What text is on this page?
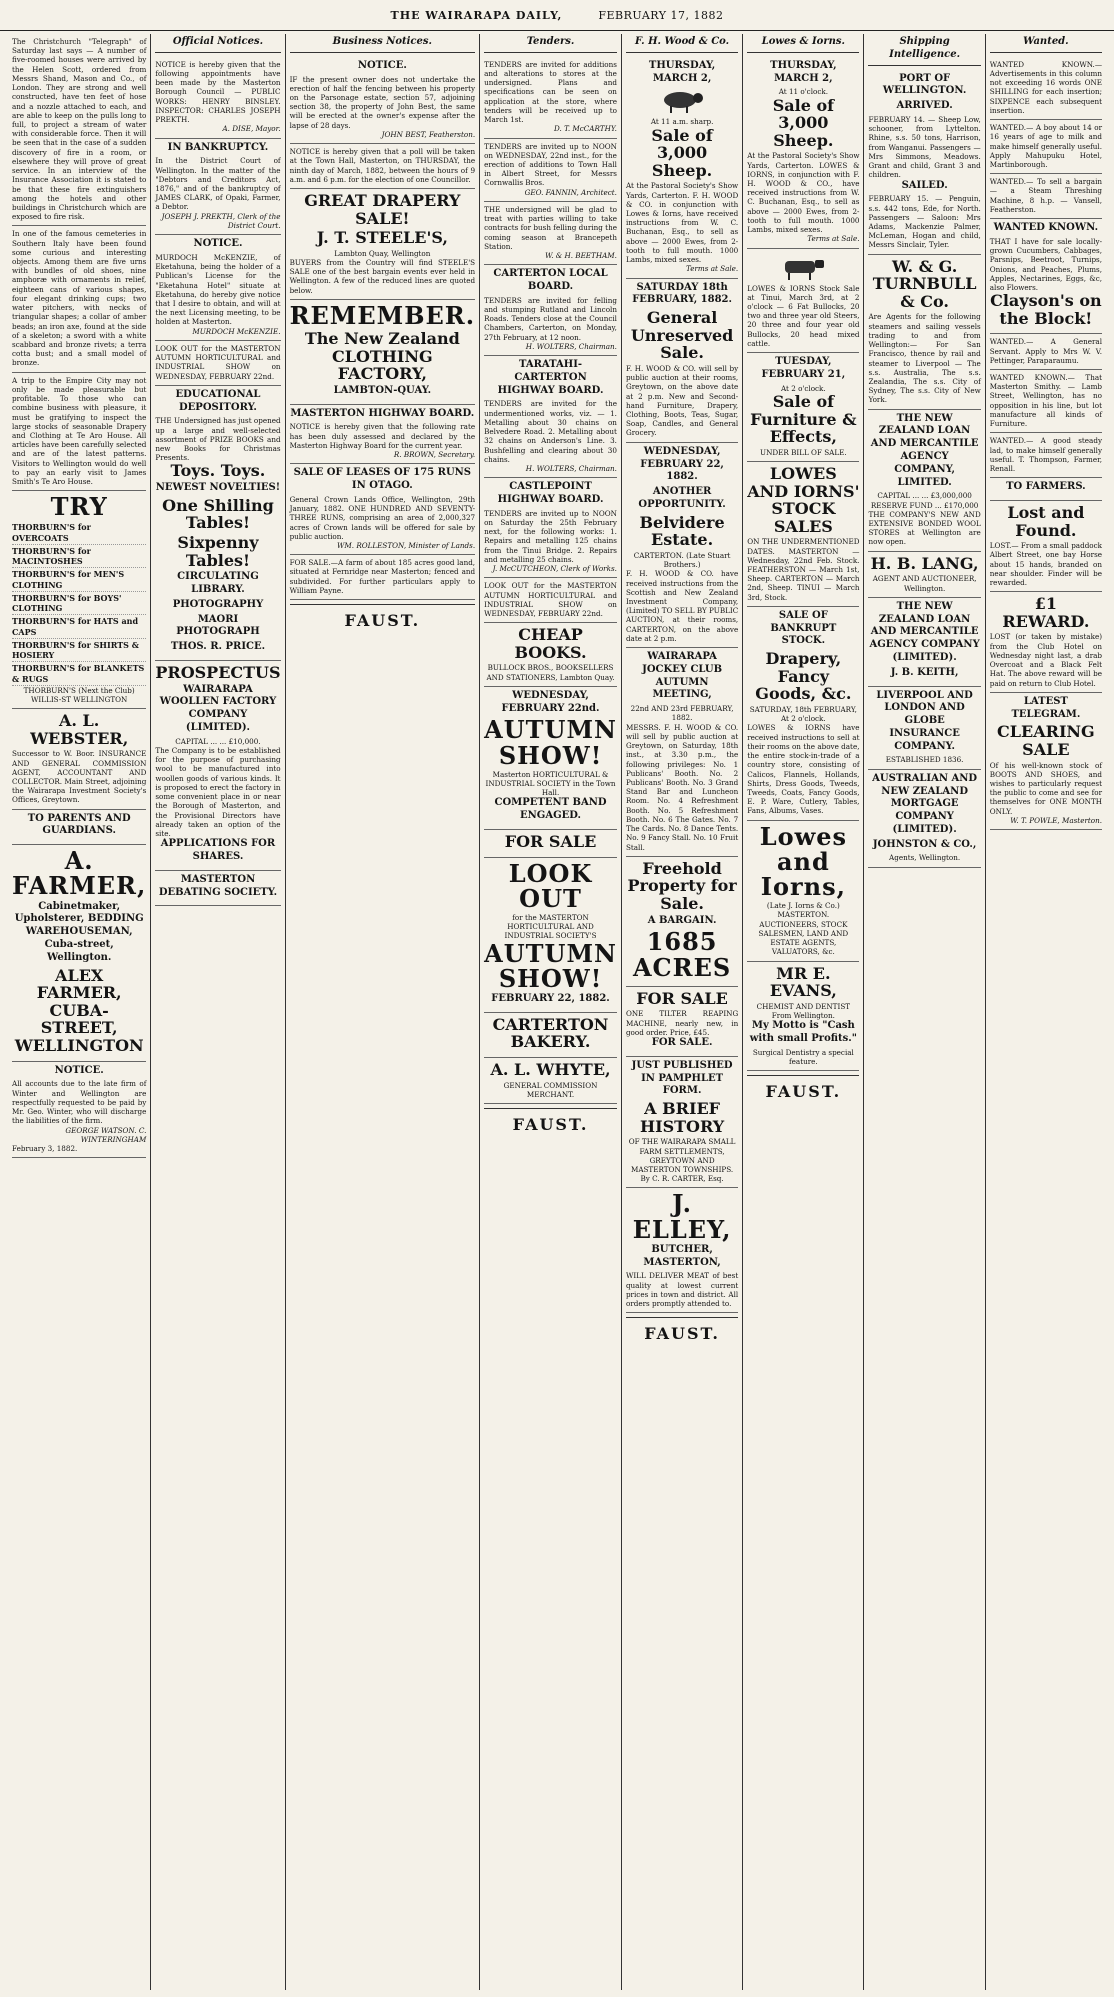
THE WAIRARAPA DAILY,	FEBRUARY 17, 1882
The Christchurch "Telegraph" of Saturday last says — A number of five-roomed houses were arrived by the Helen Scott, ordered from Messrs Shand, Mason and Co., of London. They are strong and well constructed, have ten feet of hose and a nozzle attached to each, and are able to keep on the pulls long to full, to project a stream of water with considerable force. Then it will be seen that in the case of a sudden discovery of fire in a room, or elsewhere they will prove of great service. In an interview of the Insurance Association it is stated to be that these fire extinguishers among the hotels and other buildings in Christchurch which are exposed to fire risk.
In one of the famous cemeteries in Southern Italy have been found some curious and interesting objects. Among them are five urns with bundles of old shoes, nine amphoræ with ornaments in relief, eighteen cans of various shapes, four elegant drinking cups; two water pitchers, with necks of triangular shapes; a collar of amber beads; an iron axe, found at the side of a skeleton; a sword with a white scabbard and bronze rivets; a terra cotta bust; and a small model of bronze.
A trip to the Empire City may not only be made pleasurable but profitable. To those who can combine business with pleasure, it must be gratifying to inspect the large stocks of seasonable Drapery and Clothing at Te Aro House. All articles have been carefully selected and are of the latest patterns. Visitors to Wellington would do well to pay an early visit to James Smith's Te Aro House.
TRY
THORBURN'S for OVERCOATS
THORBURN'S for MACINTOSHES
THORBURN'S for MEN'S CLOTHING
THORBURN'S for BOYS' CLOTHING
THORBURN'S for HATS and CAPS
THORBURN'S for SHIRTS & HOSIERY
THORBURN'S for BLANKETS & RUGS
THORBURN'S (Next the Club) WILLIS-ST WELLINGTON
A. L. WEBSTER,
Successor to W. Boor. INSURANCE AND GENERAL COMMISSION AGENT, ACCOUNTANT AND COLLECTOR. Main Street, adjoining the Wairarapa Investment Society's Offices, Greytown.
TO PARENTS AND GUARDIANS.
A. FARMER,
Cabinetmaker, Upholsterer, BEDDING WAREHOUSEMAN, Cuba-street, Wellington.
ALEX FARMER, CUBA-STREET, WELLINGTON
NOTICE.
All accounts due to the late firm of Winter and Wellington are respectfully requested to be paid by Mr. Geo. Winter, who will discharge the liabilities of the firm.
GEORGE WATSON. C. WINTERINGHAM
February 3, 1882.
Official Notices.
NOTICE is hereby given that the following appointments have been made by the Masterton Borough Council — PUBLIC WORKS: HENRY BINSLEY. INSPECTOR: CHARLES JOSEPH PREKTH.
A. DISE, Mayor.
IN BANKRUPTCY.
In the District Court of Wellington. In the matter of the "Debtors and Creditors Act, 1876," and of the bankruptcy of JAMES CLARK, of Opaki, Farmer, a Debtor.
JOSEPH J. PREKTH, Clerk of the District Court.
NOTICE.
MURDOCH McKENZIE, of Eketahuna, being the holder of a Publican's License for the "Eketahuna Hotel" situate at Eketahuna, do hereby give notice that I desire to obtain, and will at the next Licensing meeting, to be holden at Masterton.
MURDOCH McKENZIE.
LOOK OUT for the MASTERTON AUTUMN HORTICULTURAL and INDUSTRIAL SHOW on WEDNESDAY, FEBRUARY 22nd.
EDUCATIONAL DEPOSITORY.
THE Undersigned has just opened up a large and well-selected assortment of PRIZE BOOKS and new Books for Christmas Presents.
Toys. Toys.
NEWEST NOVELTIES!
One Shilling Tables!
Sixpenny Tables!
CIRCULATING LIBRARY.
PHOTOGRAPHY
MAORI PHOTOGRAPH
THOS. R. PRICE.
PROSPECTUS
WAIRARAPA WOOLLEN FACTORY COMPANY (LIMITED).
CAPITAL ... ... £10,000.
The Company is to be established for the purpose of purchasing wool to be manufactured into woollen goods of various kinds. It is proposed to erect the factory in some convenient place in or near the Borough of Masterton, and the Provisional Directors have already taken an option of the site.
APPLICATIONS FOR SHARES.
MASTERTON DEBATING SOCIETY.
Business Notices.
NOTICE.
IF the present owner does not undertake the erection of half the fencing between his property on the Parsonage estate, section 57, adjoining section 38, the property of John Best, the same will be erected at the owner's expense after the lapse of 28 days.
JOHN BEST, Featherston.
NOTICE is hereby given that a poll will be taken at the Town Hall, Masterton, on THURSDAY, the ninth day of March, 1882, between the hours of 9 a.m. and 6 p.m. for the election of one Councillor.
GREAT DRAPERY SALE!
J. T. STEELE'S,
Lambton Quay, Wellington
BUYERS from the Country will find STEELE'S SALE one of the best bargain events ever held in Wellington. A few of the reduced lines are quoted below.
REMEMBER.
The New Zealand CLOTHING FACTORY,
LAMBTON-QUAY.
MASTERTON HIGHWAY BOARD.
NOTICE is hereby given that the following rate has been duly assessed and declared by the Masterton Highway Board for the current year.
R. BROWN, Secretary.
SALE OF LEASES OF 175 RUNS IN OTAGO.
General Crown Lands Office, Wellington, 29th January, 1882. ONE HUNDRED AND SEVENTY-THREE RUNS, comprising an area of 2,000,327 acres of Crown lands will be offered for sale by public auction.
WM. ROLLESTON, Minister of Lands.
FOR SALE.—A farm of about 185 acres good land, situated at Fernridge near Masterton; fenced and subdivided. For further particulars apply to William Payne.
FAUST.
Tenders.
TENDERS are invited for additions and alterations to stores at the undersigned. Plans and specifications can be seen on application at the store, where tenders will be received up to March 1st.
D. T. McCARTHY.
TENDERS are invited up to NOON on WEDNESDAY, 22nd inst., for the erection of additions to Town Hall in Albert Street, for Messrs Cornwallis Bros.
GEO. FANNIN, Architect.
THE undersigned will be glad to treat with parties willing to take contracts for bush felling during the coming season at Brancepeth Station.
W. & H. BEETHAM.
CARTERTON LOCAL BOARD.
TENDERS are invited for felling and stumping Rutland and Lincoln Roads. Tenders close at the Council Chambers, Carterton, on Monday, 27th February, at 12 noon.
H. WOLTERS, Chairman.
TARATAHI-CARTERTON HIGHWAY BOARD.
TENDERS are invited for the undermentioned works, viz. — 1. Metalling about 30 chains on Belvedere Road. 2. Metalling about 32 chains on Anderson's Line. 3. Bushfelling and clearing about 30 chains.
H. WOLTERS, Chairman.
CASTLEPOINT HIGHWAY BOARD.
TENDERS are invited up to NOON on Saturday the 25th February next, for the following works: 1. Repairs and metalling 125 chains from the Tinui Bridge. 2. Repairs and metalling 25 chains.
J. McCUTCHEON, Clerk of Works.
LOOK OUT for the MASTERTON AUTUMN HORTICULTURAL and INDUSTRIAL SHOW on WEDNESDAY, FEBRUARY 22nd.
CHEAP BOOKS.
BULLOCK BROS., BOOKSELLERS AND STATIONERS, Lambton Quay.
WEDNESDAY, FEBRUARY 22nd.
AUTUMN SHOW!
Masterton HORTICULTURAL & INDUSTRIAL SOCIETY in the Town Hall.
COMPETENT BAND ENGAGED.
FOR SALE
LOOK OUT
for the MASTERTON HORTICULTURAL AND INDUSTRIAL SOCIETY'S
AUTUMN SHOW!
FEBRUARY 22, 1882.
CARTERTON BAKERY.
A. L. WHYTE,
GENERAL COMMISSION MERCHANT.
FAUST.
F. H. Wood & Co.
THURSDAY, MARCH 2,
At 11 a.m. sharp.
Sale of 3,000 Sheep.
At the Pastoral Society's Show Yards, Carterton. F. H. WOOD & CO. in conjunction with Lowes & Iorns, have received instructions from W. C. Buchanan, Esq., to sell as above — 2000 Ewes, from 2-tooth to full mouth. 1000 Lambs, mixed sexes.
Terms at Sale.
SATURDAY 18th FEBRUARY, 1882.
General Unreserved Sale.
F. H. WOOD & CO. will sell by public auction at their rooms, Greytown, on the above date at 2 p.m. New and Second-hand Furniture, Drapery, Clothing, Boots, Teas, Sugar, Soap, Candles, and General Grocery.
WEDNESDAY, FEBRUARY 22, 1882.
ANOTHER OPPORTUNITY.
Belvidere Estate.
CARTERTON. (Late Stuart Brothers.)
F. H. WOOD & CO. have received instructions from the Scottish and New Zealand Investment Company, (Limited) TO SELL BY PUBLIC AUCTION, at their rooms, CARTERTON, on the above date at 2 p.m.
WAIRARAPA JOCKEY CLUB AUTUMN MEETING,
22nd AND 23rd FEBRUARY, 1882.
MESSRS. F. H. WOOD & CO. will sell by public auction at Greytown, on Saturday, 18th inst., at 3.30 p.m., the following privileges: No. 1 Publicans' Booth. No. 2 Publicans' Booth. No. 3 Grand Stand Bar and Luncheon Room. No. 4 Refreshment Booth. No. 5 Refreshment Booth. No. 6 The Gates. No. 7 The Cards. No. 8 Dance Tents. No. 9 Fancy Stall. No. 10 Fruit Stall.
Freehold Property for Sale.
A BARGAIN.
1685 ACRES
FOR SALE
ONE TILTER REAPING MACHINE, nearly new, in good order. Price, £45.
FOR SALE.
JUST PUBLISHED IN PAMPHLET FORM.
A BRIEF HISTORY
OF THE WAIRARAPA SMALL FARM SETTLEMENTS, GREYTOWN AND MASTERTON TOWNSHIPS. By C. R. CARTER, Esq.
J. ELLEY,
BUTCHER, MASTERTON,
WILL DELIVER MEAT of best quality at lowest current prices in town and district. All orders promptly attended to.
FAUST.
Lowes & Iorns.
THURSDAY, MARCH 2,
At 11 o'clock.
Sale of 3,000 Sheep.
At the Pastoral Society's Show Yards, Carterton. LOWES & IORNS, in conjunction with F. H. WOOD & CO., have received instructions from W. C. Buchanan, Esq., to sell as above — 2000 Ewes, from 2-tooth to full mouth. 1000 Lambs, mixed sexes.
Terms at Sale.
LOWES & IORNS Stock Sale at Tinui, March 3rd, at 2 o'clock — 6 Fat Bullocks, 20 two and three year old Steers, 20 three and four year old Bullocks, 20 head mixed cattle.
TUESDAY, FEBRUARY 21,
At 2 o'clock.
Sale of Furniture & Effects,
UNDER BILL OF SALE.
LOWES AND IORNS' STOCK SALES
ON THE UNDERMENTIONED DATES. MASTERTON — Wednesday, 22nd Feb. Stock. FEATHERSTON — March 1st, Sheep. CARTERTON — March 2nd, Sheep. TINUI — March 3rd, Stock.
SALE OF BANKRUPT STOCK.
Drapery, Fancy Goods, &c.
SATURDAY, 18th FEBRUARY, At 2 o'clock.
LOWES & IORNS have received instructions to sell at their rooms on the above date, the entire stock-in-trade of a country store, consisting of Calicos, Flannels, Hollands, Shirts, Dress Goods, Tweeds, Tweeds, Coats, Fancy Goods, E. P. Ware, Cutlery, Tables, Fans, Albums, Vases.
Lowes and Iorns,
(Late J. Iorns & Co.) MASTERTON. AUCTIONEERS, STOCK SALESMEN, LAND AND ESTATE AGENTS, VALUATORS, &c.
MR E. EVANS,
CHEMIST AND DENTIST From Wellington.
My Motto is "Cash with small Profits."
Surgical Dentistry a special feature.
FAUST.
Shipping Intelligence.
PORT OF WELLINGTON.
ARRIVED.
FEBRUARY 14. — Sheep Low, schooner, from Lyttelton. Rhine, s.s. 50 tons, Harrison, from Wanganui. Passengers — Mrs Simmons, Meadows. Grant and child, Grant 3 and children.
SAILED.
FEBRUARY 15. — Penguin, s.s. 442 tons, Ede, for North. Passengers — Saloon: Mrs Adams, Mackenzie Palmer, McLeman, Hogan and child, Messrs Sinclair, Tyler.
W. & G. TURNBULL & Co.
Are Agents for the following steamers and sailing vessels trading to and from Wellington:— For San Francisco, thence by rail and steamer to Liverpool — The s.s. Australia, The s.s. Zealandia, The s.s. City of Sydney, The s.s. City of New York.
THE NEW ZEALAND LOAN AND MERCANTILE AGENCY COMPANY, LIMITED.
CAPITAL ... ... £3,000,000
RESERVE FUND ... £170,000
THE COMPANY'S NEW AND EXTENSIVE BONDED WOOL STORES at Wellington are now open.
H. B. LANG,
AGENT AND AUCTIONEER, Wellington.
THE NEW ZEALAND LOAN AND MERCANTILE AGENCY COMPANY (LIMITED).
J. B. KEITH,
LIVERPOOL AND LONDON AND GLOBE INSURANCE COMPANY.
ESTABLISHED 1836.
AUSTRALIAN AND NEW ZEALAND MORTGAGE COMPANY (LIMITED).
JOHNSTON & CO.,
Agents, Wellington.
Wanted.
WANTED KNOWN.— Advertisements in this column not exceeding 16 words ONE SHILLING for each insertion; SIXPENCE each subsequent insertion.
WANTED.— A boy about 14 or 16 years of age to milk and make himself generally useful. Apply Mahupuku Hotel, Martinborough.
WANTED.— To sell a bargain — a Steam Threshing Machine, 8 h.p. — Vansell, Featherston.
WANTED KNOWN.
THAT I have for sale locally-grown Cucumbers, Cabbages, Parsnips, Beetroot, Turnips, Onions, and Peaches, Plums, Apples, Nectarines, Eggs, &c, also Flowers.
Clayson's on the Block!
WANTED.— A General Servant. Apply to Mrs W. V. Pettinger, Paraparaumu.
WANTED KNOWN.— That Masterton Smithy. — Lamb Street, Wellington, has no opposition in his line, but lot manufacture all kinds of Furniture.
WANTED.— A good steady lad, to make himself generally useful. T. Thompson, Farmer, Renall.
TO FARMERS.
Lost and Found.
LOST.— From a small paddock Albert Street, one bay Horse about 15 hands, branded on near shoulder. Finder will be rewarded.
£1 REWARD.
LOST (or taken by mistake) from the Club Hotel on Wednesday night last, a drab Overcoat and a Black Felt Hat. The above reward will be paid on return to Club Hotel.
LATEST TELEGRAM.
CLEARING SALE
Of his well-known stock of BOOTS AND SHOES, and wishes to particularly request the public to come and see for themselves for ONE MONTH ONLY.
W. T. POWLE, Masterton.
